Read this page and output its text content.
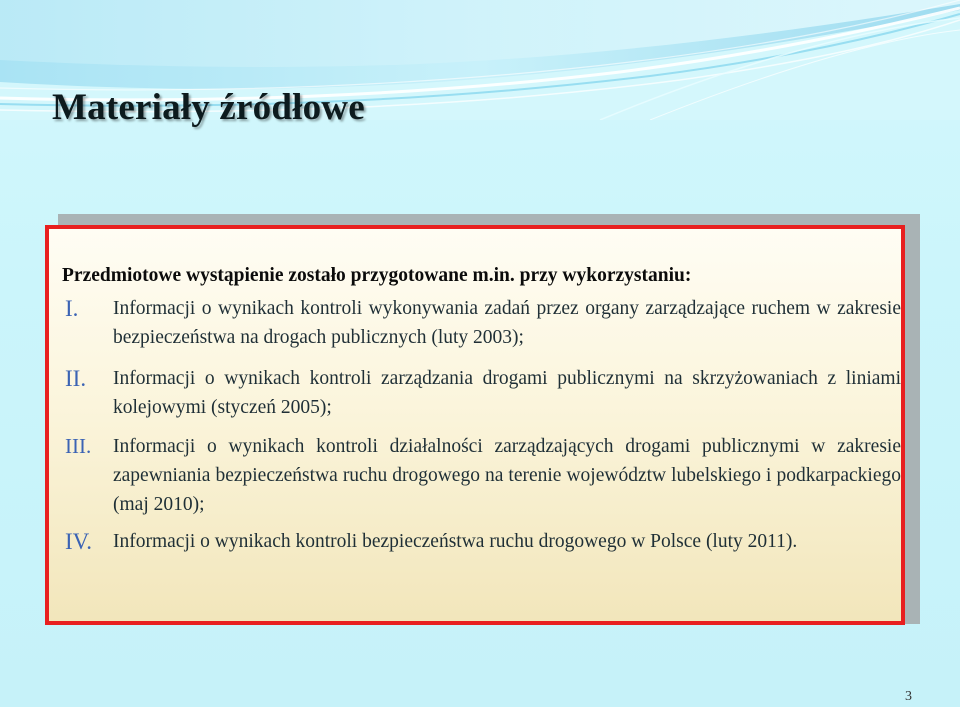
Materiały źródłowe

Przedmiotowe wystąpienie zostało przygotowane m.in. przy wykorzystaniu:

I. Informacji o wynikach kontroli wykonywania zadań przez organy zarządzające ruchem w zakresie bezpieczeństwa na drogach publicznych (luty 2003);
II. Informacji o wynikach kontroli zarządzania drogami publicznymi na skrzyżowaniach z liniami kolejowymi (styczeń 2005);
III. Informacji o wynikach kontroli działalności zarządzających drogami publicznymi w zakresie zapewniania bezpieczeństwa ruchu drogowego na terenie województw lubelskiego i podkarpackiego (maj 2010);
IV. Informacji o wynikach kontroli bezpieczeństwa ruchu drogowego w Polsce (luty 2011).
3
